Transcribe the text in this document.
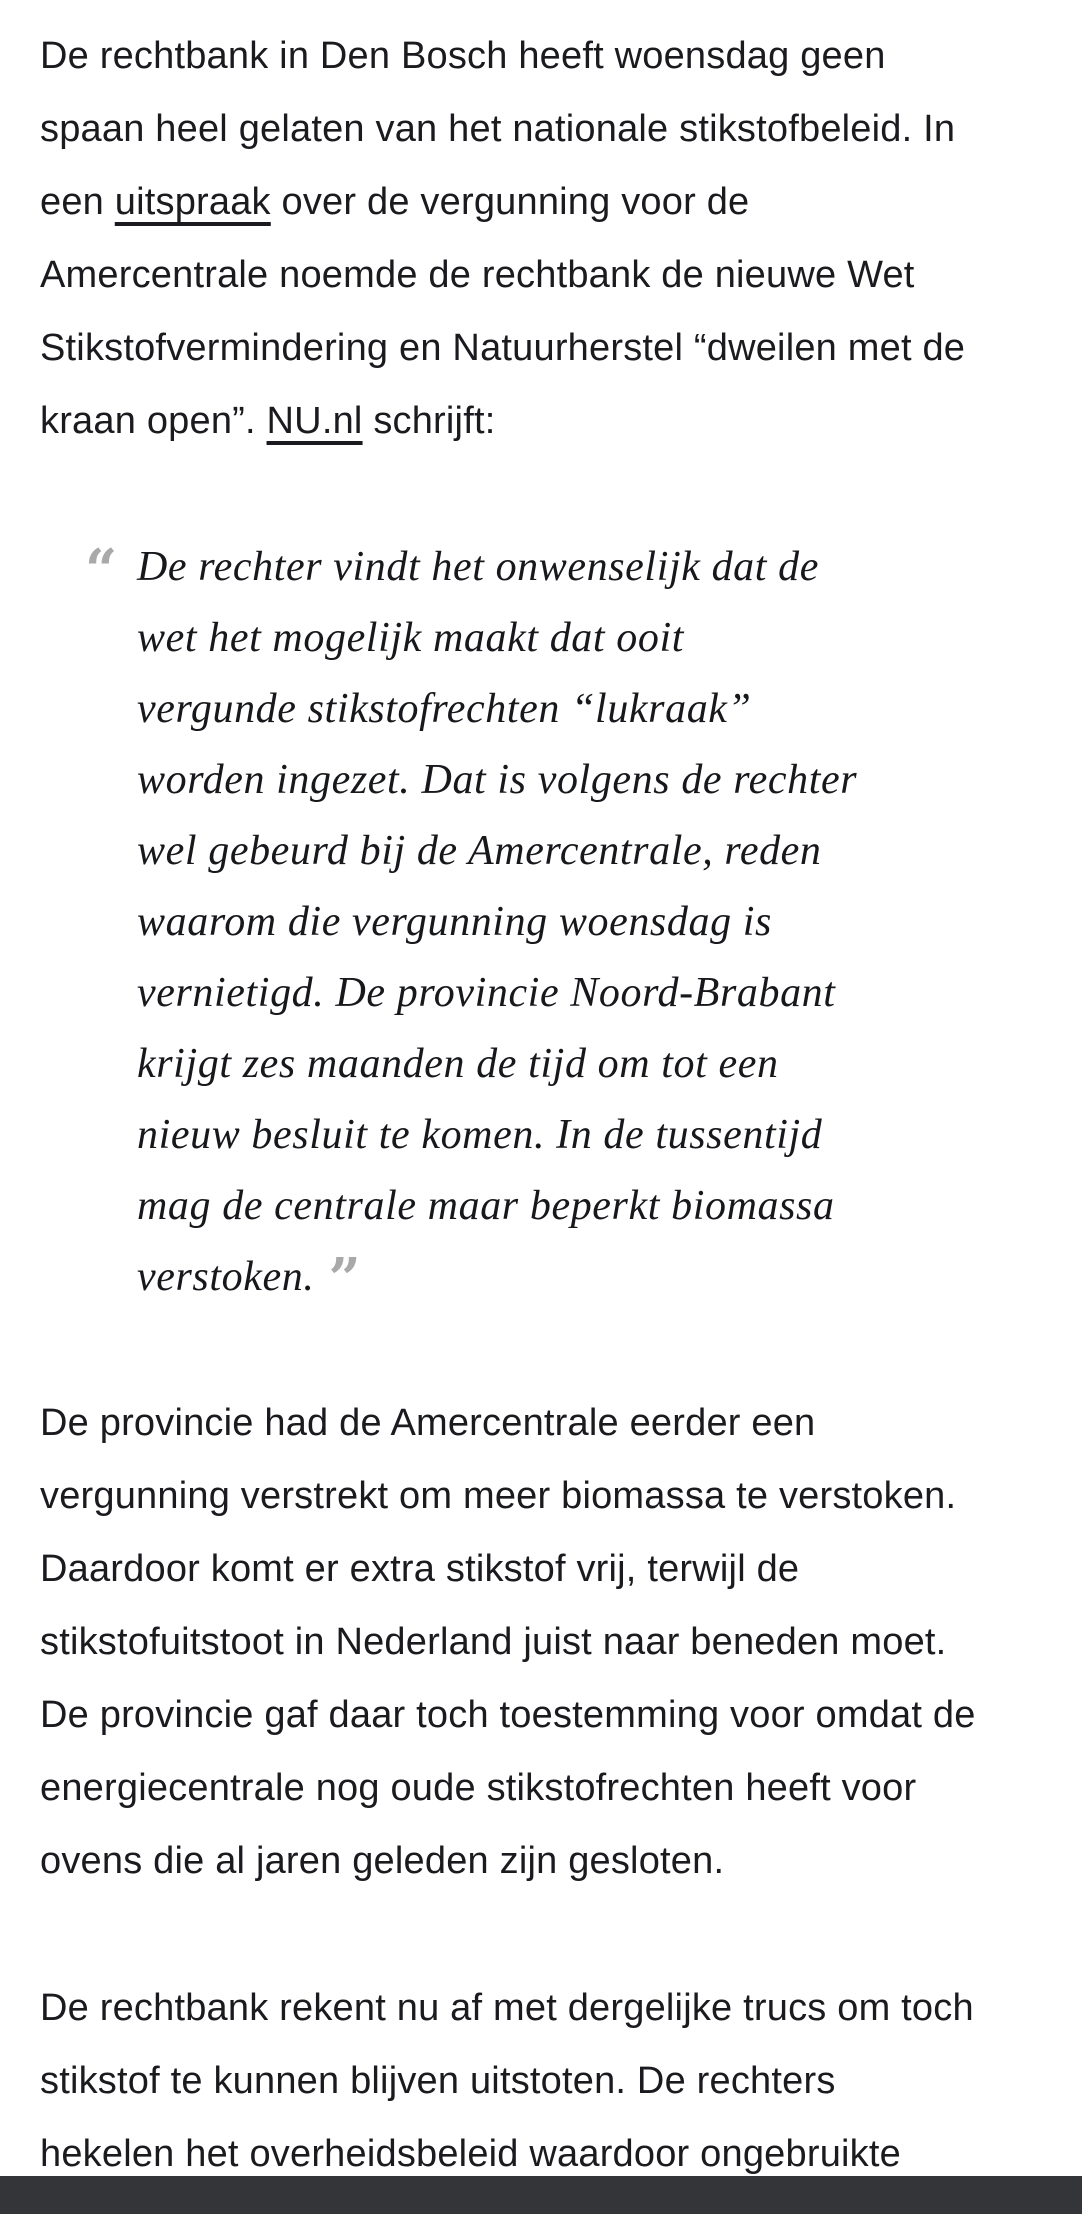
De rechtbank in Den Bosch heeft woensdag geen
spaan heel gelaten van het nationale stikstofbeleid. In
een uitspraak over de vergunning voor de
Amercentrale noemde de rechtbank de nieuwe Wet
Stikstofvermindering en Natuurherstel “dweilen met de
kraan open”. NU.nl schrijft:

“ De rechter vindt het onwenselijk dat de
wet het mogelijk maakt dat ooit
vergunde stikstofrechten “lukraak”
worden ingezet. Dat is volgens de rechter
wel gebeurd bij de Amercentrale, reden
waarom die vergunning woensdag is
vernietigd. De provincie Noord-Brabant
krijgt zes maanden de tijd om tot een
nieuw besluit te komen. In de tussentijd
mag de centrale maar beperkt biomassa
verstoken. ”

De provincie had de Amercentrale eerder een
vergunning verstrekt om meer biomassa te verstoken.
Daardoor komt er extra stikstof vrij, terwijl de
stikstofuitstoot in Nederland juist naar beneden moet.
De provincie gaf daar toch toestemming voor omdat de
energiecentrale nog oude stikstofrechten heeft voor
ovens die al jaren geleden zijn gesloten.

De rechtbank rekent nu af met dergelijke trucs om toch
stikstof te kunnen blijven uitstoten. De rechters
hekelen het overheidsbeleid waardoor ongebruikte
